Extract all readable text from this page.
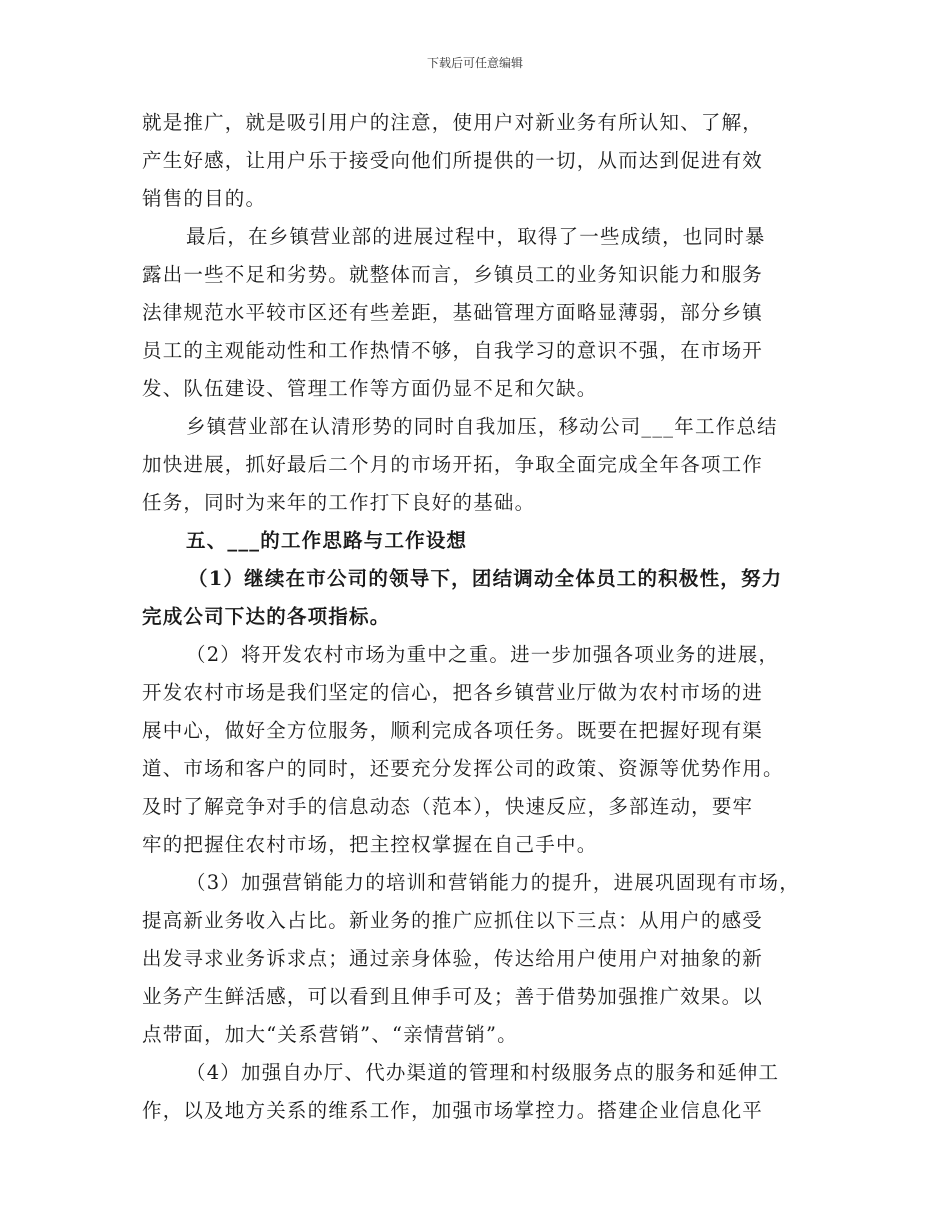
下载后可任意编辑
就是推广，就是吸引用户的注意，使用户对新业务有所认知、了解，
产生好感，让用户乐于接受向他们所提供的一切，从而达到促进有效
销售的目的。
最后，在乡镇营业部的进展过程中，取得了一些成绩，也同时暴
露出一些不足和劣势。就整体而言，乡镇员工的业务知识能力和服务
法律规范水平较市区还有些差距，基础管理方面略显薄弱，部分乡镇
员工的主观能动性和工作热情不够，自我学习的意识不强，在市场开
发、队伍建设、管理工作等方面仍显不足和欠缺。
乡镇营业部在认清形势的同时自我加压，移动公司___年工作总结
加快进展，抓好最后二个月的市场开拓，争取全面完成全年各项工作
任务，同时为来年的工作打下良好的基础。
五、___的工作思路与工作设想
（1）继续在市公司的领导下，团结调动全体员工的积极性，努力
完成公司下达的各项指标。
（2）将开发农村市场为重中之重。进一步加强各项业务的进展，
开发农村市场是我们坚定的信心，把各乡镇营业厅做为农村市场的进
展中心，做好全方位服务，顺利完成各项任务。既要在把握好现有渠
道、市场和客户的同时，还要充分发挥公司的政策、资源等优势作用。
及时了解竞争对手的信息动态（范本），快速反应，多部连动，要牢
牢的把握住农村市场，把主控权掌握在自己手中。
（3）加强营销能力的培训和营销能力的提升，进展巩固现有市场，
提高新业务收入占比。新业务的推广应抓住以下三点：从用户的感受
出发寻求业务诉求点；通过亲身体验，传达给用户使用户对抽象的新
业务产生鲜活感，可以看到且伸手可及；善于借势加强推广效果。以
点带面，加大“关系营销”、“亲情营销”。
（4）加强自办厅、代办渠道的管理和村级服务点的服务和延伸工
作，以及地方关系的维系工作，加强市场掌控力。搭建企业信息化平
